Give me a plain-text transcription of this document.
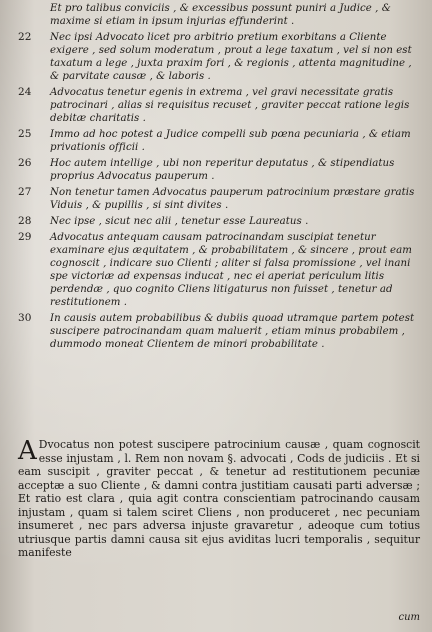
Et pro talibus conviciis , & excessibus possunt puniri a Judice , & maxime si etiam in ipsum injurias effunderint .
22 Nec ipsi Advocato licet pro arbitrio pretium exorbitans a Cliente exigere , sed solum moderatum , prout a lege taxatum , vel si non est taxatum a lege , juxta praxim fori , & regionis , attenta magnitudine , & parvitate causæ , & laboris .
24 Advocatus tenetur egenis in extrema , vel gravi necessitate gratis patrocinari , alias si requisitus recuset , graviter peccat ratione legis debitæ charitatis .
25 Immo ad hoc potest a Judice compelli sub pœna pecuniaria , & etiam privationis officii .
26 Hoc autem intellige , ubi non reperitur deputatus , & stipendiatus proprius Advocatus pauperum .
27 Non tenetur tamen Advocatus pauperum patrocinium præstare gratis Viduis , & pupillis , si sint divites .
28 Nec ipse , sicut nec alii , tenetur esse Laureatus .
29 Advocatus antequam causam patrocinandam suscipiat tenetur examinare ejus æquitatem , & probabilitatem , & sincere , prout eam cognoscit , indicare suo Clienti ; aliter si falsa promissione , vel inani spe victoriæ ad expensas inducat , nec ei aperiat periculum litis perdendæ , quo cognito Cliens litigaturus non fuisset , tenetur ad restitutionem .
30 In causis autem probabilibus & dubiis quoad utramque partem potest suscipere patrocinandam quam maluerit , etiam minus probabilem , dummodo moneat Clientem de minori probabilitate .
A Dvocatus non potest suscipere patrocinium causæ , quam cognoscit esse injustam , l. Rem non novam §. advocati , Cods de judiciis . Et si eam suscipit , graviter peccat , & tenetur ad restitutionem pecuniæ acceptæ a suo Cliente , & damni contra justitiam causati parti adversæ ; Et ratio est clara , quia agit contra conscientiam patrocinando causam injustam , quam si talem sciret Cliens , non produceret , nec pecuniam insumeret , nec pars adversa injuste gravaretur , adeoque cum totius utriusque partis damni causa sit ejus aviditas lucri temporalis , sequitur manifeste
cum
